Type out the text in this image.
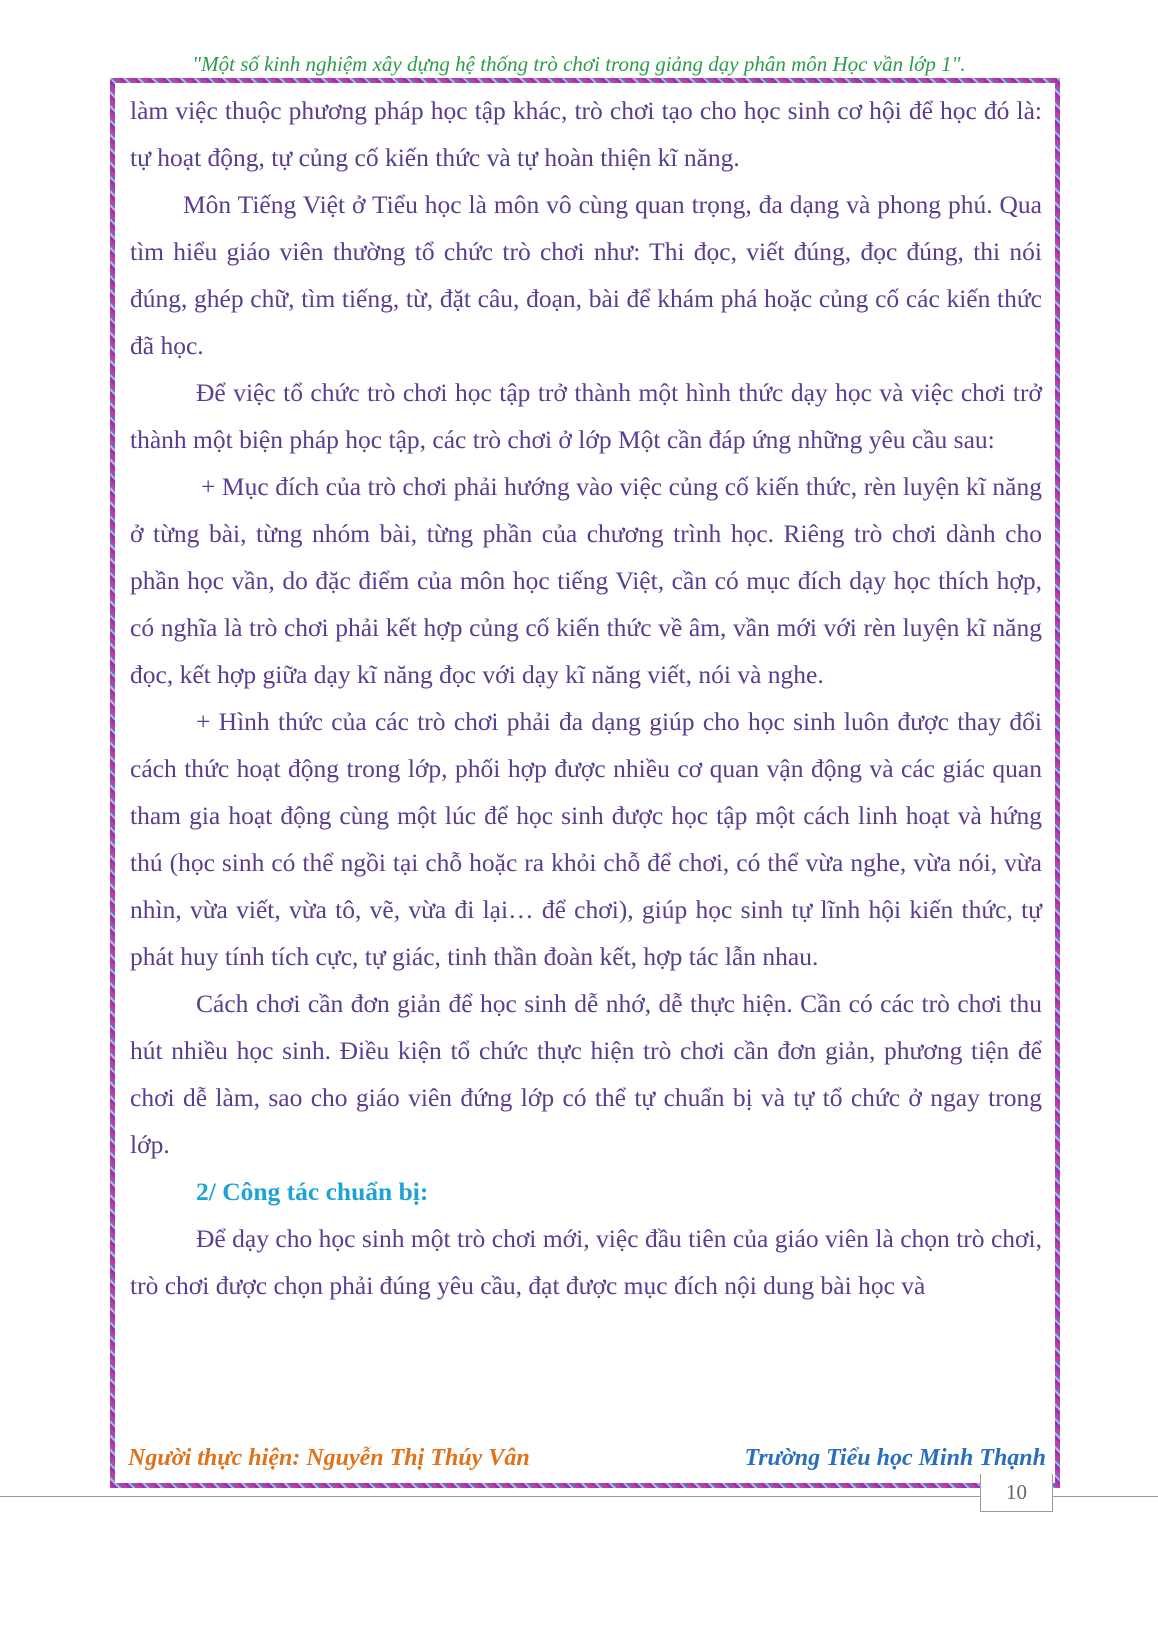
"Một số kinh nghiệm xây dựng hệ thống trò chơi trong giảng dạy phân môn Học vần lớp 1".

làm việc thuộc phương pháp học tập khác, trò chơi tạo cho học sinh cơ hội để học đó là: tự hoạt động, tự củng cố kiến thức và tự hoàn thiện kĩ năng.

Môn Tiếng Việt ở Tiểu học là môn vô cùng quan trọng, đa dạng và phong phú. Qua tìm hiểu giáo viên thường tổ chức trò chơi như: Thi đọc, viết đúng, đọc đúng, thi nói đúng, ghép chữ, tìm tiếng, từ, đặt câu, đoạn, bài để khám phá hoặc củng cố các kiến thức đã học.

Để việc tổ chức trò chơi học tập trở thành một hình thức dạy học và việc chơi trở thành một biện pháp học tập, các trò chơi ở lớp Một cần đáp ứng những yêu cầu sau:

+ Mục đích của trò chơi phải hướng vào việc củng cố kiến thức, rèn luyện kĩ năng ở từng bài, từng nhóm bài, từng phần của chương trình học. Riêng trò chơi dành cho phần học vần, do đặc điểm của môn học tiếng Việt, cần có mục đích dạy học thích hợp, có nghĩa là trò chơi phải kết hợp củng cố kiến thức về âm, vần mới với rèn luyện kĩ năng đọc, kết hợp giữa dạy kĩ năng đọc với dạy kĩ năng viết, nói và nghe.

+ Hình thức của các trò chơi phải đa dạng giúp cho học sinh luôn được thay đổi cách thức hoạt động trong lớp, phối hợp được nhiều cơ quan vận động và các giác quan tham gia hoạt động cùng một lúc để học sinh được học tập một cách linh hoạt và hứng thú (học sinh có thể ngồi tại chỗ hoặc ra khỏi chỗ để chơi, có thể vừa nghe, vừa nói, vừa nhìn, vừa viết, vừa tô, vẽ, vừa đi lại… để chơi), giúp học sinh tự lĩnh hội kiến thức, tự phát huy tính tích cực, tự giác, tinh thần đoàn kết, hợp tác lẫn nhau.

Cách chơi cần đơn giản để học sinh dễ nhớ, dễ thực hiện. Cần có các trò chơi thu hút nhiều học sinh. Điều kiện tổ chức thực hiện trò chơi cần đơn giản, phương tiện để chơi dễ làm, sao cho giáo viên đứng lớp có thể tự chuẩn bị và tự tổ chức ở ngay trong lớp.

2/ Công tác chuẩn bị:

Để dạy cho học sinh một trò chơi mới, việc đầu tiên của giáo viên là chọn trò chơi, trò chơi được chọn phải đúng yêu cầu, đạt được mục đích nội dung bài học và

Người thực hiện: Nguyễn Thị Thúy Vân	Trường Tiểu học Minh Thạnh
10
